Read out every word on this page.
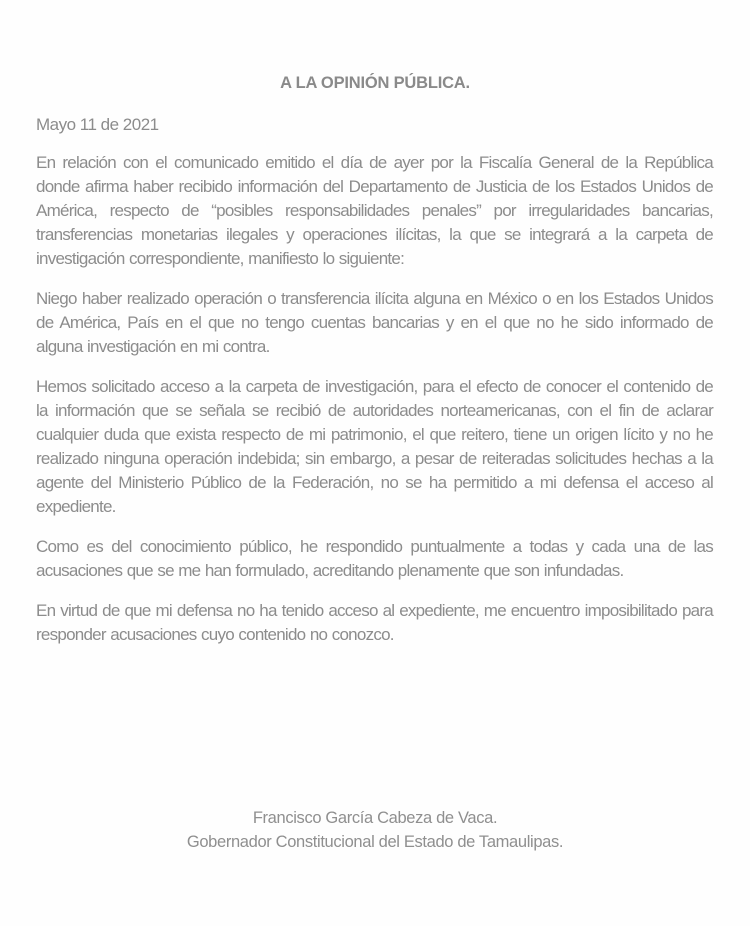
A LA OPINIÓN PÚBLICA.

Mayo 11 de 2021

En relación con el comunicado emitido el día de ayer por la Fiscalía General de la República donde afirma haber recibido información del Departamento de Justicia de los Estados Unidos de América, respecto de “posibles responsabilidades penales” por irregularidades bancarias, transferencias monetarias ilegales y operaciones ilícitas, la que se integrará a la carpeta de investigación correspondiente, manifiesto lo siguiente:

Niego haber realizado operación o transferencia ilícita alguna en México o en los Estados Unidos de América, País en el que no tengo cuentas bancarias y en el que no he sido informado de alguna investigación en mi contra.

Hemos solicitado acceso a la carpeta de investigación, para el efecto de conocer el contenido de la información que se señala se recibió de autoridades norteamericanas, con el fin de aclarar cualquier duda que exista respecto de mi patrimonio, el que reitero, tiene un origen lícito y no he realizado ninguna operación indebida; sin embargo, a pesar de reiteradas solicitudes hechas a la agente del Ministerio Público de la Federación, no se ha permitido a mi defensa el acceso al expediente.

Como es del conocimiento público, he respondido puntualmente a todas y cada una de las acusaciones que se me han formulado, acreditando plenamente que son infundadas.

En virtud de que mi defensa no ha tenido acceso al expediente, me encuentro imposibilitado para responder acusaciones cuyo contenido no conozco.

Francisco García Cabeza de Vaca.
Gobernador Constitucional del Estado de Tamaulipas.
